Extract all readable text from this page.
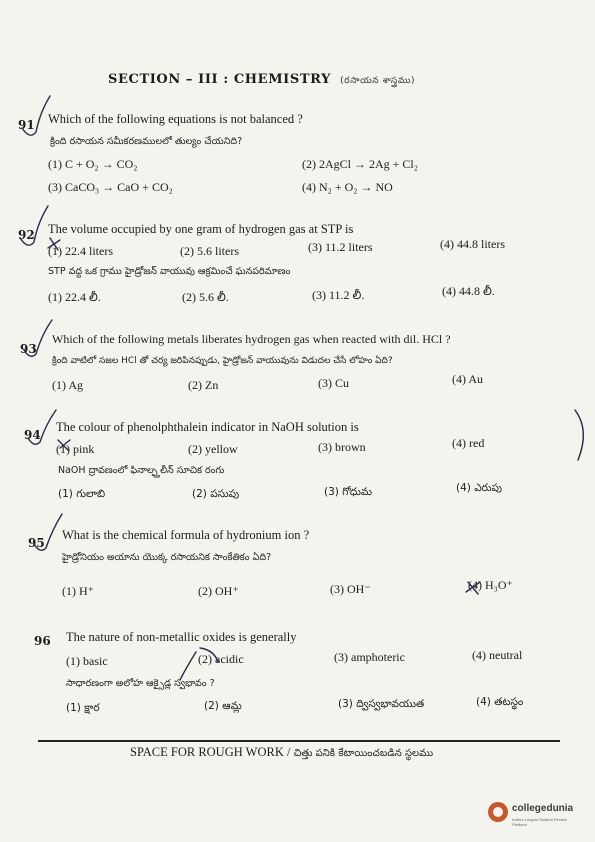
SECTION – III : CHEMISTRY (రసాయన శాస్త్రము)
91 Which of the following equations is not balanced ?
క్రింది రసాయన సమీకరణములలో తుల్యం చేయనిది?
(1) C + O₂ → CO₂	(2) 2AgCl → 2Ag + Cl₂
(3) CaCO₃ → CaO + CO₂	(4) N₂ + O₂ → NO
92 The volume occupied by one gram of hydrogen gas at STP is
(1) 22.4 liters	(2) 5.6 liters	(3) 11.2 liters	(4) 44.8 liters
STP వద్ద ఒక గ్రాము హైడ్రోజన్ వాయువు ఆక్రమించే ఘనపరిమాణం
(1) 22.4 లీ.	(2) 5.6 లీ.	(3) 11.2 లీ.	(4) 44.8 లీ.
93
Which of the following metals liberates hydrogen gas when reacted with dil. HCl ?
క్రింది వాటిలో సజల HCl తో చర్య జరిపినప్పుడు, హైడ్రోజన్ వాయువును విడుదల చేసే లోహం ఏది?
(1) Ag	(2) Zn	(3) Cu	(4) Au
94
The colour of phenolphthalein indicator in NaOH solution is
(1) pink	(2) yellow	(3) brown	(4) red
NaOH ద్రావణంలో ఫినాల్ఫ్తలీన్ సూచిక రంగు
(1) గులాబి	(2) పసుపు	(3) గోధుమ	(4) ఎరుపు
95
What is the chemical formula of hydronium ion ?
హైడ్రోనియం అయాను యొక్క రసాయనిక సాంకేతికం ఏది?
(1) H⁺	(2) OH⁺	(3) OH⁻	(4) H₃O⁺
96 The nature of non-metallic oxides is generally
(1) basic	(2) acidic	(3) amphoteric	(4) neutral
సాధారణంగా అలోహ ఆక్సైడ్ల స్వభావం ?
(1) క్షార	(2) ఆమ్ల	(3) ద్విస్వభావయుత	(4) తటస్థం
SPACE FOR ROUGH WORK / చిత్తు పనికి కేటాయించబడిన స్థలము
collegedunia
India's Largest Student Review Platform
